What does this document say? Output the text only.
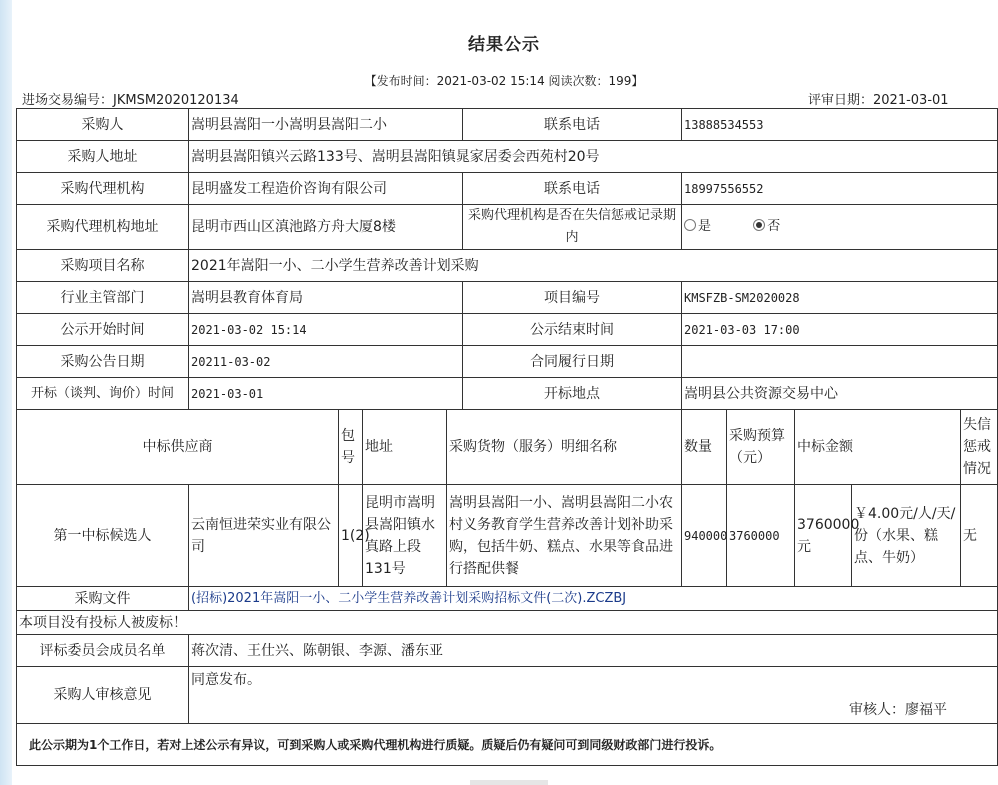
结果公示
【发布时间：2021-03-02 15:14 阅读次数：199】
进场交易编号：JKMSM2020120134	评审日期：2021-03-01
采购人	嵩明县嵩阳一小嵩明县嵩阳二小				联系电话	13888534553				
采购人地址	嵩明县嵩阳镇兴云路133号、嵩明县嵩阳镇晁家居委会西苑村20号									
采购代理机构	昆明盛发工程造价咨询有限公司				联系电话	18997556552				
采购代理机构地址	昆明市西山区滇池路方舟大厦8楼				采购代理机构是否在失信惩戒记录期内	是 否				
采购项目名称	2021年嵩阳一小、二小学生营养改善计划采购									
行业主管部门	嵩明县教育体育局				项目编号	KMSFZB-SM2020028				
公示开始时间	2021-03-02 15:14				公示结束时间	2021-03-03 17:00				
采购公告日期	20211-03-02				合同履行日期					
开标（谈判、询价）时间	2021-03-01				开标地点	嵩明县公共资源交易中心				
中标供应商		包号	地址	采购货物（服务）明细名称		数量	采购预算（元）	中标金额		失信惩戒情况
第一中标候选人	云南恒进荣实业有限公司	1(2)	昆明市嵩明县嵩阳镇水真路上段131号	嵩明县嵩阳一小、嵩明县嵩阳二小农村义务教育学生营养改善计划补助采购，包括牛奶、糕点、水果等食品进行搭配供餐		940000	3760000	3760000元	￥4.00元/人/天/份（水果、糕点、牛奶）	无
采购文件	(招标)2021年嵩阳一小、二小学生营养改善计划采购招标文件(二次).ZCZBJ									
本项目没有投标人被废标！										
评标委员会成员名单	蒋次清、王仕兴、陈朝银、李源、潘东亚									
采购人审核意见	同意发布。
审核人：廖福平									

此公示期为1个工作日，若对上述公示有异议，可到采购人或采购代理机构进行质疑。质疑后仍有疑问可到同级财政部门进行投诉。										
